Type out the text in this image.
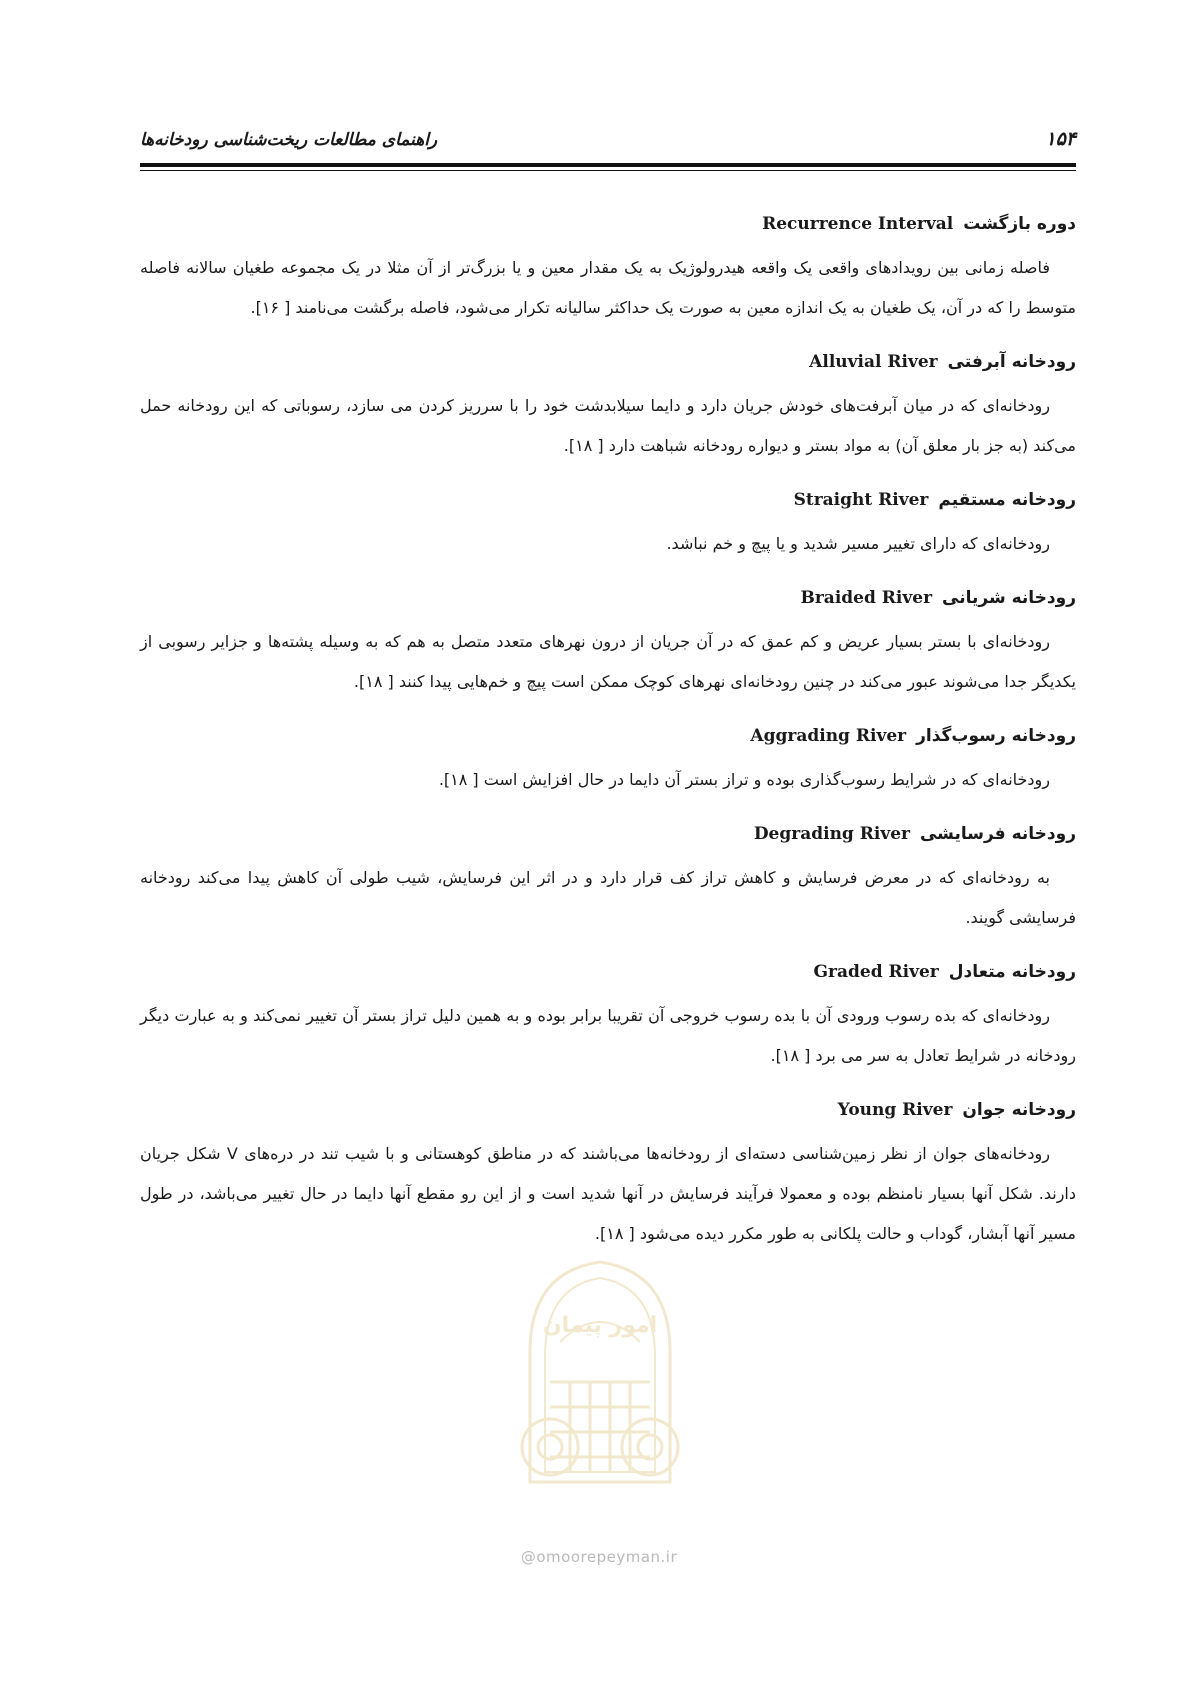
راهنمای مطالعات ریخت‌شناسی رودخانه‌ها	۱۵۴
دوره بازگشتRecurrence Interval

فاصله زمانی بین رویدادهای واقعی یک واقعه هیدرولوژیک به یک مقدار معین و یا بزرگ‌تر از آن مثلا در یک مجموعه طغیان سالانه فاصله متوسط را که در آن، یک طغیان به یک اندازه معین به صورت یک حداکثر سالیانه تکرار می‌شود، فاصله برگشت می‌نامند [ ۱۶].

رودخانه آبرفتیAlluvial River

رودخانه‌ای که در میان آبرفت‌های خودش جریان دارد و دایما سیلابدشت خود را با سرریز کردن می سازد، رسوباتی که این رودخانه حمل می‌کند (به جز بار معلق آن) به مواد بستر و دیواره رودخانه شباهت دارد [ ۱۸].

رودخانه مستقیمStraight River

رودخانه‌ای که دارای تغییر مسیر شدید و یا پیچ و خم نباشد.

رودخانه شریانیBraided River

رودخانه‌ای با بستر بسیار عریض و کم عمق که در آن جریان از درون نهرهای متعدد متصل به هم که به وسیله پشته‌ها و جزایر رسوبی از یکدیگر جدا می‌شوند عبور می‌کند در چنین رودخانه‌ای نهرهای کوچک ممکن است پیچ و خم‌هایی پیدا کنند [ ۱۸].

رودخانه رسوب‌گذارAggrading River

رودخانه‌ای که در شرایط رسوب‌گذاری بوده و تراز بستر آن دایما در حال افزایش است [ ۱۸].

رودخانه فرسایشیDegrading River

به رودخانه‌ای که در معرض فرسایش و کاهش تراز کف قرار دارد و در اثر این فرسایش، شیب طولی آن کاهش پیدا می‌کند رودخانه فرسایشی گویند.

رودخانه متعادلGraded River

رودخانه‌ای که بده رسوب ورودی آن با بده رسوب خروجی آن تقریبا برابر بوده و به همین دلیل تراز بستر آن تغییر نمی‌کند و به عبارت دیگر رودخانه در شرایط تعادل به سر می برد [ ۱۸].

رودخانه جوانYoung River

رودخانه‌های جوان از نظر زمین‌شناسی دسته‌ای از رودخانه‌ها می‌باشند که در مناطق کوهستانی و با شیب تند در دره‌های V شکل جریان دارند. شکل آنها بسیار نامنظم بوده و معمولا فرآیند فرسایش در آنها شدید است و از این رو مقطع آنها دایما در حال تغییر می‌باشد، در طول مسیر آنها آبشار، گوداب و حالت پلکانی به طور مکرر دیده می‌شود [ ۱۸].

امور پیمان
@omoorepeyman.ir
